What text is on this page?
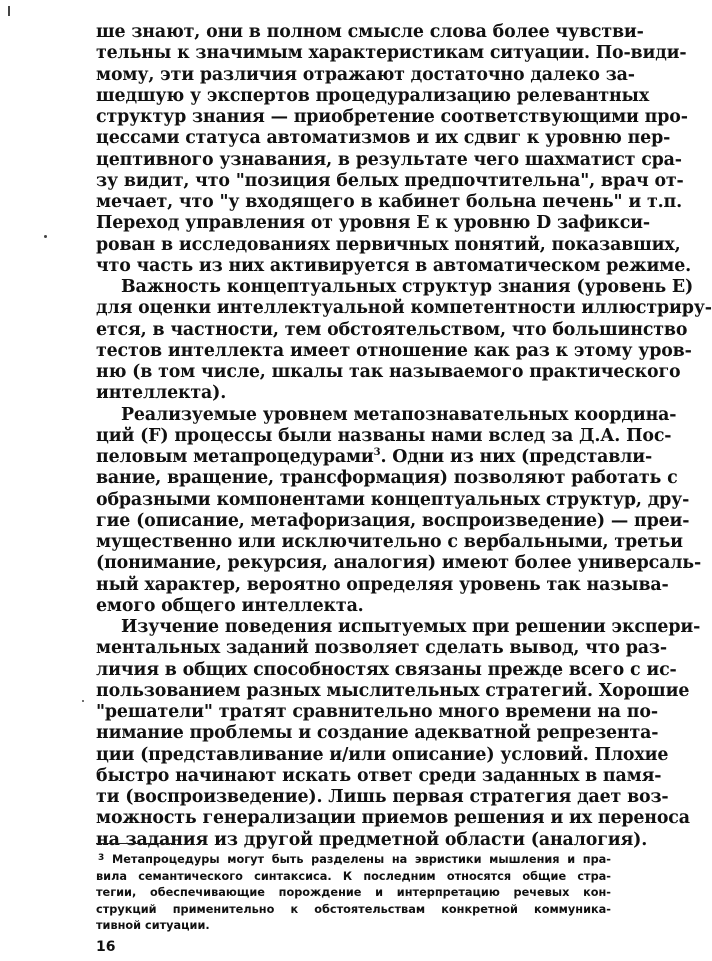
ше знают, они в полном смысле слова более чувстви-
тельны к значимым характеристикам ситуации. По-види-
мому, эти различия отражают достаточно далеко за-
шедшую у экспертов процедурализацию релевантных
структур знания — приобретение соответствующими про-
цессами статуса автоматизмов и их сдвиг к уровню пер-
цептивного узнавания, в результате чего шахматист сра-
зу видит, что "позиция белых предпочтительна", врач от-
мечает, что "у входящего в кабинет больна печень" и т.п.
Переход управления от уровня E к уровню D зафикси-
рован в исследованиях первичных понятий, показавших,
что часть из них активируется в автоматическом режиме.
Важность концептуальных структур знания (уровень E)
для оценки интеллектуальной компетентности иллюстриру-
ется, в частности, тем обстоятельством, что большинство
тестов интеллекта имеет отношение как раз к этому уров-
ню (в том числе, шкалы так называемого практического
интеллекта).
Реализуемые уровнем метапознавательных координа-
ций (F) процессы были названы нами вслед за Д.А. Пос-
пеловым метапроцедурами$^3$. Одни из них (представли-
вание, вращение, трансформация) позволяют работать с
образными компонентами концептуальных структур, дру-
гие (описание, метафоризация, воспроизведение) — преи-
мущественно или исключительно с вербальными, третьи
(понимание, рекурсия, аналогия) имеют более универсаль-
ный характер, вероятно определяя уровень так называ-
емого общего интеллекта.
Изучение поведения испытуемых при решении экспери-
ментальных заданий позволяет сделать вывод, что раз-
личия в общих способностях связаны прежде всего с ис-
пользованием разных мыслительных стратегий. Хорошие
"решатели" тратят сравнительно много времени на по-
нимание проблемы и создание адекватной репрезента-
ции (представливание и/или описание) условий. Плохие
быстро начинают искать ответ среди заданных в памя-
ти (воспроизведение). Лишь первая стратегия дает воз-
можность генерализации приемов решения и их переноса
на задания из другой предметной области (аналогия).
3 Метапроцедуры могут быть разделены на эвристики мышления и пра-
вила семантического синтаксиса. К последним относятся общие стра-
тегии, обеспечивающие порождение и интерпретацию речевых кон-
струкций применительно к обстоятельствам конкретной коммуника-
тивной ситуации.
16
